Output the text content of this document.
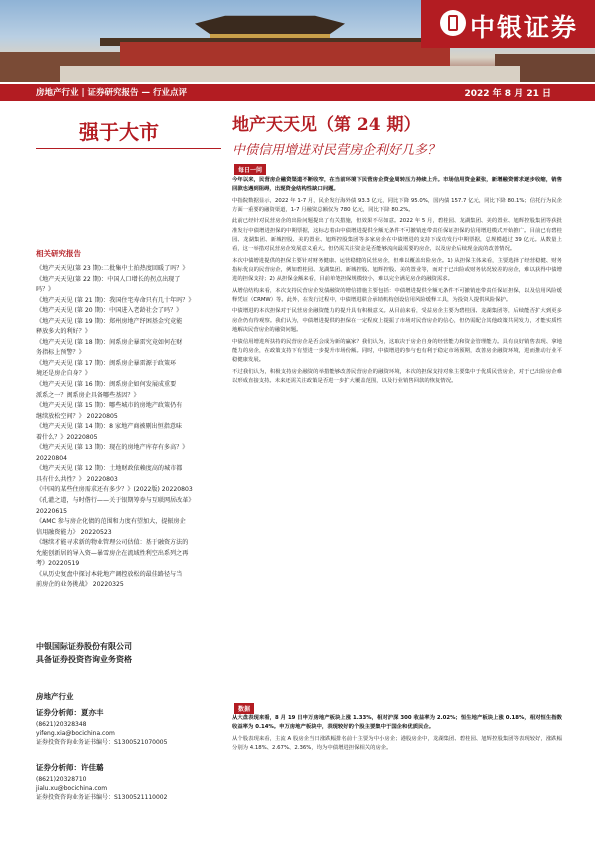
中银证券
房地产行业 | 证券研究报告 — 行业点评	2022 年 8 月 21 日
强于大市
相关研究报告
《地产天天见(第 23 期):二批集中土拍热度回暖了吗？》
《地产天天见(第 22 期)：中国人口增长的拐点出现了
吗？》
《地产天天见 (第 21 期)：我国住宅寿命只有几十年吗？》
《地产天天见 (第 20 期)：中国进入老龄社会了吗？》
《地产天天见 (第 19 期)：郑州房地产纾困基金究竟能
释放多大的利好？》
《地产天天见 (第 18 期)：间系房企暴雷究竟如何在财
务指标上预警？》
《地产天天见 (第 17 期)：闽系房企暴雷源于政策环
境还是房企自身？》
《地产天天见 (第 16 期)：闽系房企如何发展成重要
派系之一？闽系房企具备哪些基因？》
《地产天天见 (第 15 期)：哪些城市的房地产政策仍有
继续放松空间？》 20220805
《地产天天见 (第 14 期)：8 家地产商被剔出恒指意味
着什么？》20220805
《地产天天见 (第 13 期)：现在的房地产库存有多高？》
20220804
《地产天天见 (第 12 期)：土地财政依赖度高的城市都
具有什么共性？》 20220803
《中国的某些住房需求还有多少？》(2022版) 20220803
《孔灌之道，与时偕行——关于银期筹券与互联网居改革》
20220615
《AMC 参与房企化债的范围和力度有望加大，提振房企
信用融资能力》 20220523
《继续才能寻求新的物业管理公司估值：基于融资方法的
允能创新居的导入资—暴雪房企在流域性利空出系列之再
考》20220519
《从历史复盘中探讨本轮地产调控放松的最佳路径与当
前房企的业务挑战》 20220325
中银国际证券股份有限公司
具备证券投资咨询业务资格
房地产行业
证券分析师：夏亦丰
(8621)20328348
yifeng.xia@bocichina.com
证券投资咨询业务证书编号：S1300521070005
证券分析师：许佳璐
(8621)20328710
jialu.xu@bocichina.com
证券投资咨询业务证书编号：S1300521110002
地产天天见（第 24 期）
中债信用增进对民营房企利好几多？
每日一问

今年以来，民营房企融资渠道不断收窄，在当前环境下民营房企资金周转压力持续上升。市场信用资金紧张，新增融资需求逐步收缩，销售回款也遇到阻碍，出现资金结构性缺口问题。

中指院数据显示，2022 年 1-7 月，民企发行海外债 93.3 亿元，同比下降 95.0%，国内债 157.7 亿元，同比下降 80.1%；信托行为民企方面一重要的融资渠道，1-7 月融资总额仅为 780 亿元，同比下降 80.2%。

此前已经针对民营房企的出险问题提出了有关措施，但效果不尽如意。2022 年 5 月，碧桂园、龙湖集团、美的置业、旭辉控股集团等获批准发行中债增进担保的中期票据，这标志着由中债增进提供全额无条件不可撤销连带责任保证担保的信用增进模式开始推广。目前已有碧桂园、龙湖集团、新城控股、美的置业、旭辉控股集团等多家房企在中债增进的支持下成功发行中期票据，总规模超过 39 亿元。从数量上看，这一举措对民营房企发展意义重大。但仍需关注资金是否能够流向最需要的房企，以及房企后续现金流的改善情况。

本次中债增进提供的担保主要针对财务健康、运营稳健的民营房企，但难以覆盖出险房企。1) 从担保主体来看，主要选择了经营稳健、财务指标优良的民营房企，例如碧桂园、龙湖集团、新城控股、旭辉控股、美的置业等，而对于已出险或财务状况较差的房企，难以获得中债增进的担保支持；2) 从担保金额来看，目前单笔担保规模较小，难以完全满足房企的融资需求。

从增信结构来看，本次支持民营房企发债融资的增信措施主要包括：中债增进提供全额无条件不可撤销连带责任保证担保，以及信用风险缓释凭证（CRMW）等。此外，在发行过程中，中债增进联合承销机构创设信用风险缓释工具，为投资人提供风险保护。

中债增进的本次担保对于民营房企融资能力的提升具有积极意义。从目前来看，受益房企主要为碧桂园、龙湖集团等，后续能否扩大到更多房企仍有待观察。我们认为，中债增进提供的担保在一定程度上提振了市场对民营房企的信心，但仍需配合其他政策共同发力，才能实质性地解决民营房企的融资问题。

中债信用增进所扶持的民营房企是否会成为新的赢家？我们认为，这取决于房企自身的经营能力和资金管理能力。具有良好销售表现、拿地能力的房企，在政策支持下有望进一步提升市场份额。同时，中债增进的参与也有利于稳定市场预期，改善房企融资环境，进而推动行业平稳健康发展。

不过我们认为，积极支持房企融资的举措能够改善民营房企的融资环境，本次的担保支持对象主要集中于优质民营房企，对于已出险房企难以形成直接支持。未来还需关注政策是否进一步扩大覆盖范围，以及行业销售回款的恢复情况。

数据

从大盘表现来看，8 月 19 日申万房地产板块上涨 1.33%，相对沪深 300 收益率为 2.02%；恒生地产板块上涨 0.18%，相对恒生指数收益率为 0.14%。申万房地产板块中，表现较好的个股主要集中于国企和优质民企。

从个股表现来看，主流 A 股房企当日涨跌幅排名前十主要为中小房企；港股房企中，龙湖集团、碧桂园、旭辉控股集团等表现较好，涨跌幅分别为 4.18%、2.67%、2.36%，均为中债增进担保相关的房企。
